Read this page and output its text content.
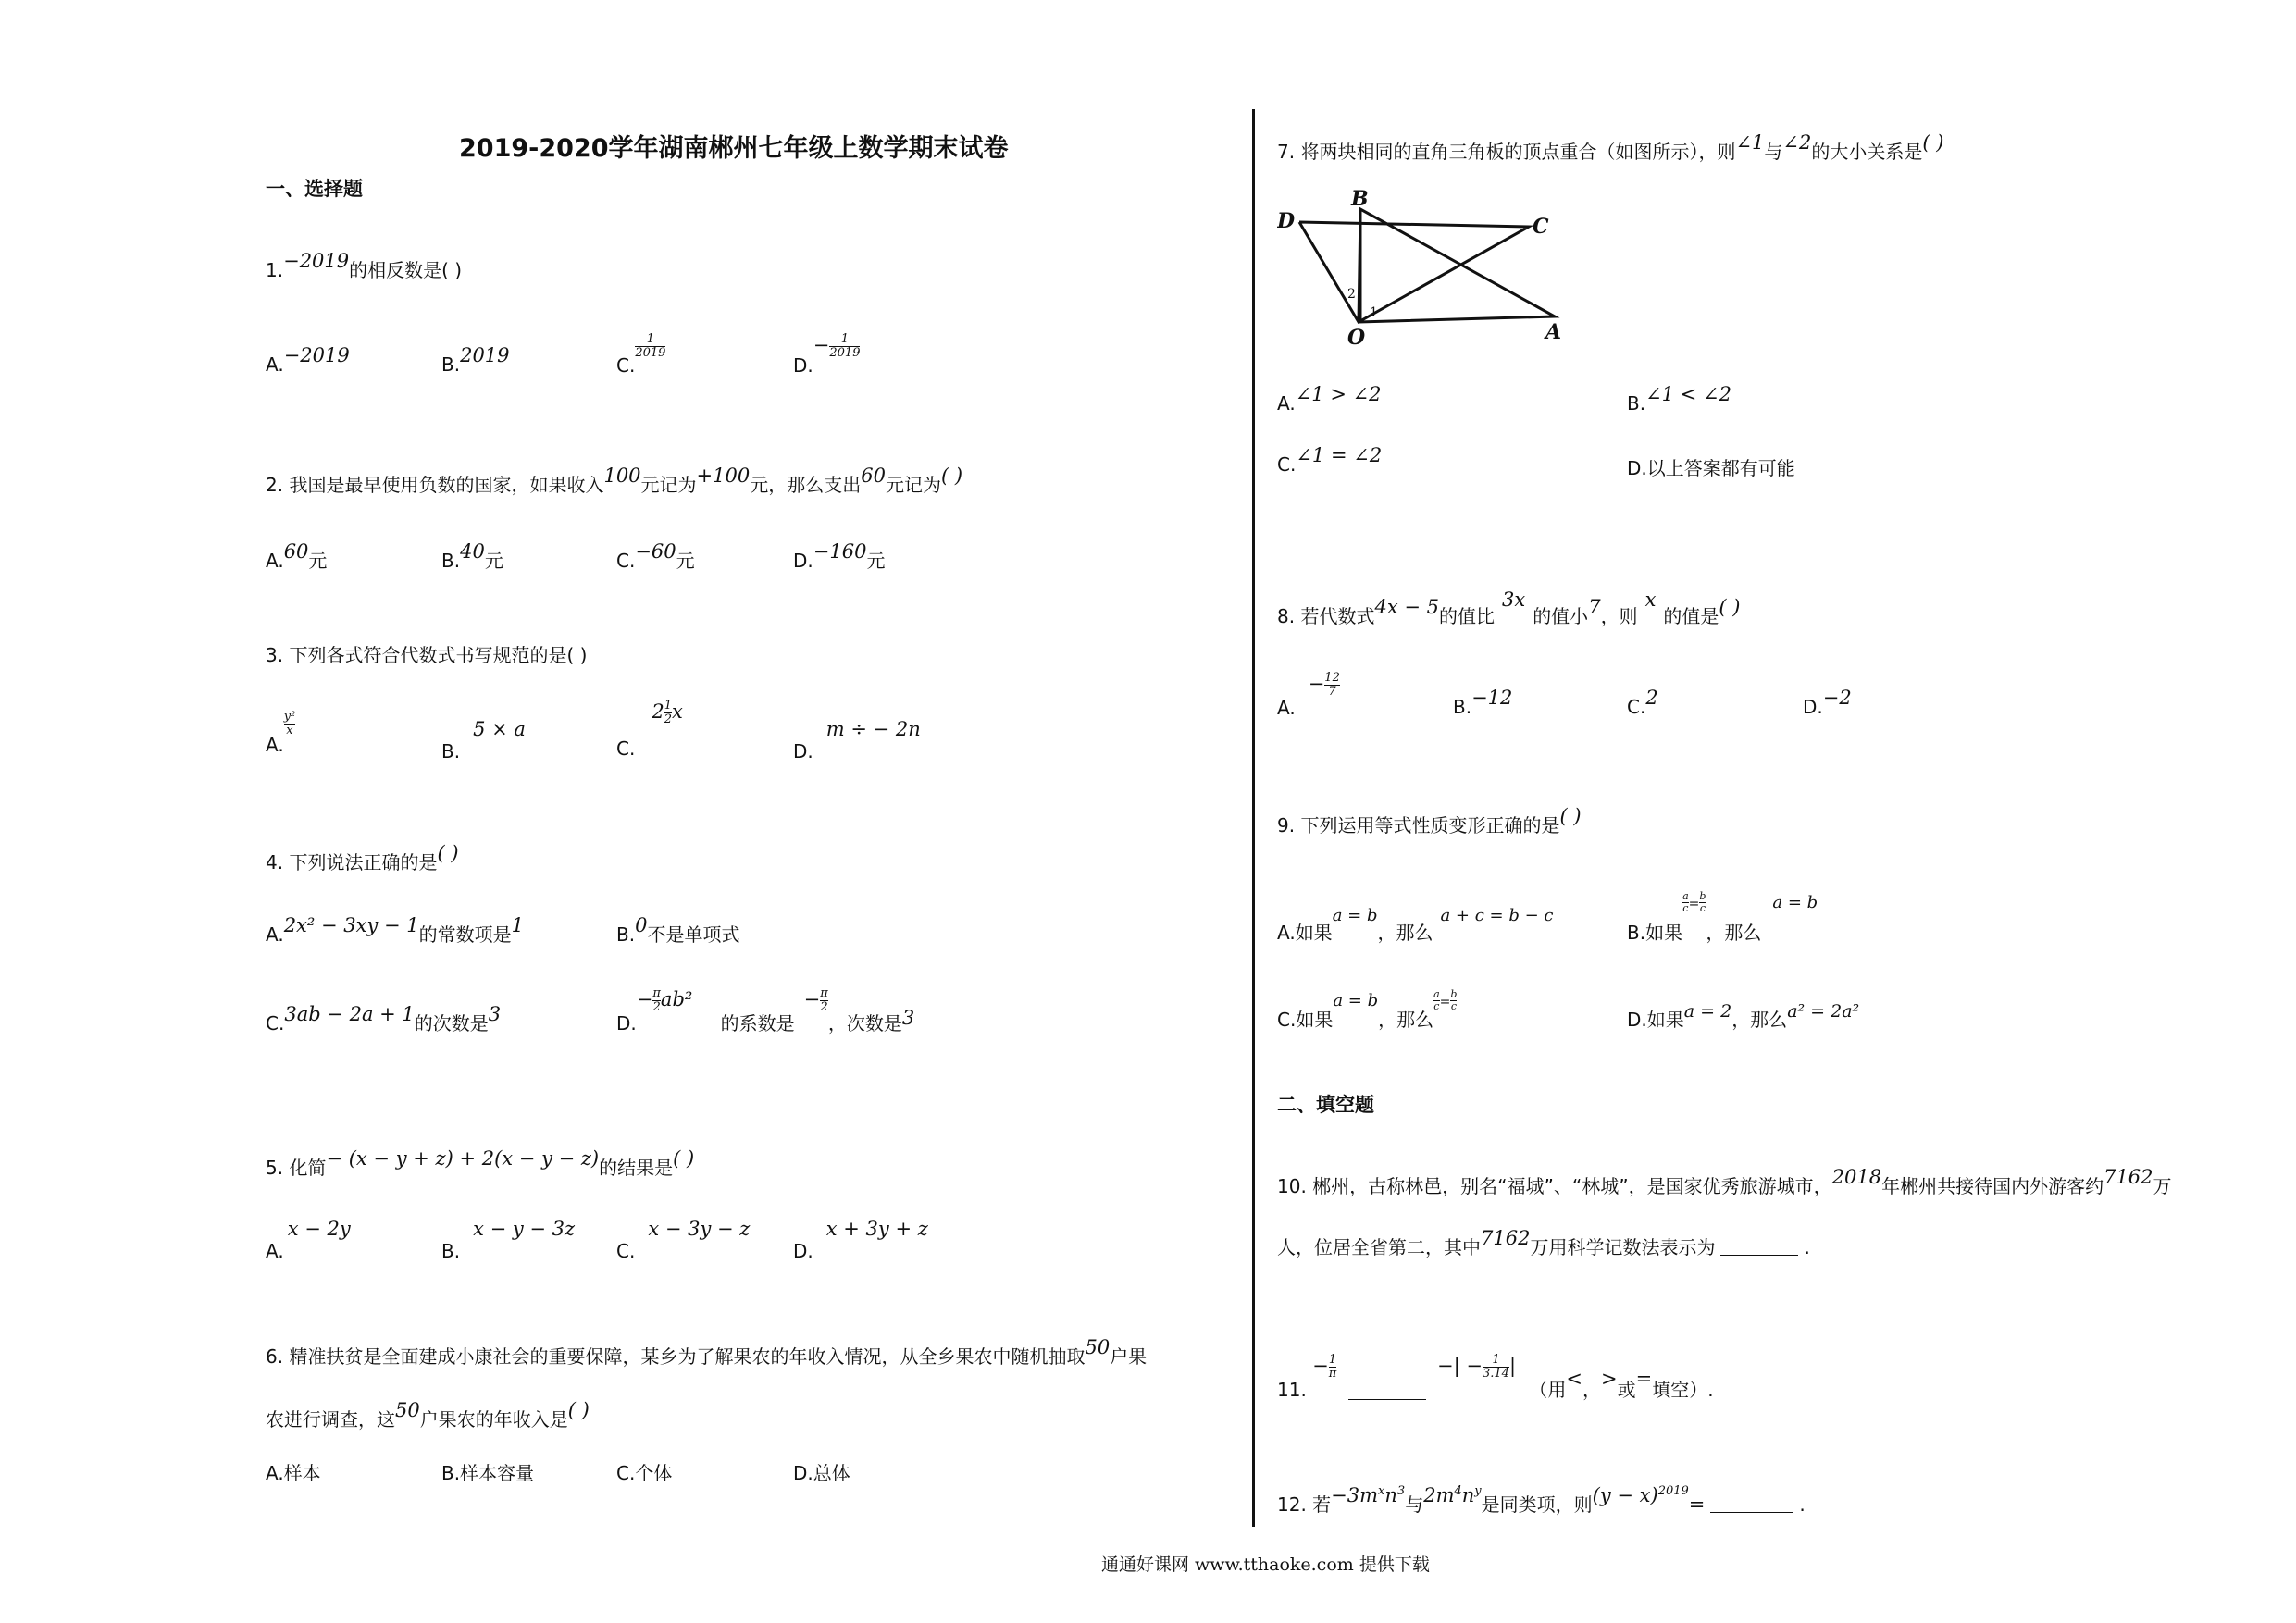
2019-2020学年湖南郴州七年级上数学期末试卷
一、选择题
1.−2019的相反数是( )
A.−2019	B.2019	C.
$\frac{1}{2019}$
$D.- \frac{1}{2019}$
2. 我国是最早使用负数的国家，如果收入100元记为+100元，那么支出60元记为( )
A.60元	B.40元	C.−60元	D.−160元
3. 下列各式符合代数式书写规范的是( )
A.
$\frac{\text{y²}}{x}$
B.5 × a
$C.2 \frac{1}{2}$ x
D.m ÷ − 2n
4. 下列说法正确的是( )
A.2x² − 3xy − 1的常数项是1	B.0不是单项式
C.3ab − 2a + 1的次数是3	$D.- \frac{\pi}{2} ab^2$ 的系数是− $\frac{\pi}{2}$
，次数是3
5. 化简− (x − y + z) + 2(x − y − z)的结果是( )
A.x − 2y
B.x − y − 3z
C.x − 3y − z
D.x + 3y + z
6. 精准扶贫是全面建成小康社会的重要保障，某乡为了解果农的年收入情况，从全乡果农中随机抽取50户果
农进行调查，这50户果农的年收入是( )
A.样本	B.样本容量	C.个体	D.总体
7. 将两块相同的直角三角板的顶点重合（如图所示），则∠1与∠2的大小关系是( )
B
C
D
O	A
1
2
A.∠1 > ∠2	B.∠1 < ∠2
C.∠1 = ∠2
D.以上答案都有可能
8. 若代数式4x − 5的值比3x的值小7，则x的值是( )
$A.- \frac{12}{7}$
B.−12	C.2	D.−2
9. 下列运用等式性质变形正确的是( )
A.如果a = b，那么a + c = b − c
B.如果
$\frac{a}{c} = \frac{b}{c}$
，那么a = b
C.如果a = b，那么
$\frac{a}{c} = \frac{b}{c}$
D.如果a = 2，那么a² = 2a²
二、填空题
10. 郴州，古称林邑，别名“福城”、“林城”，是国家优秀旅游城市，2018年郴州共接待国内外游客约7162万
人，位居全省第二，其中7162万用科学记数法表示为	.
11. − $\frac{1}{\pi}$	−| − $\frac{1}{3.14}$ | （用<，>或=填空）.
12. 若$-3m^xn^3$与$2m^4n^y$是同类项，则$(y - x)^{2019}=$	.
通通好课网 www.tthaoke.com 提供下载
